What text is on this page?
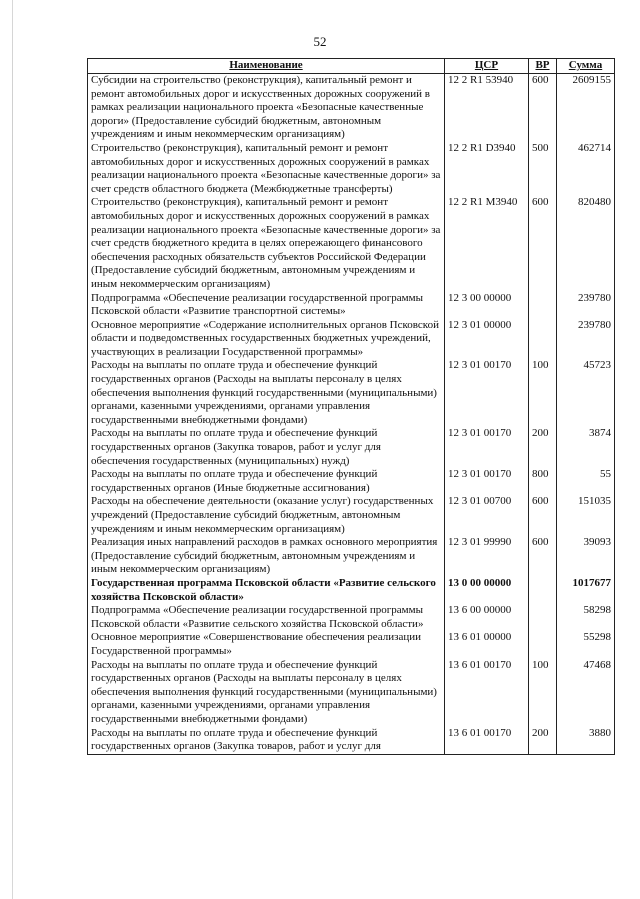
52
Наименование	ЦСР	ВР	Сумма
Субсидии на строительство (реконструкция), капитальный ремонт и ремонт автомобильных дорог и искусственных дорожных сооружений в рамках реализации национального проекта «Безопасные качественные дороги» (Предоставление субсидий бюджетным, автономным учреждениям и иным некоммерческим организациям)	12 2 R1 53940	600	2609155
Строительство (реконструкция), капитальный ремонт и ремонт автомобильных дорог и искусственных дорожных сооружений в рамках реализации национального проекта «Безопасные качественные дороги» за счет средств областного бюджета (Межбюджетные трансферты)	12 2 R1 D3940	500	462714
Строительство (реконструкция), капитальный ремонт и ремонт автомобильных дорог и искусственных дорожных сооружений в рамках реализации национального проекта «Безопасные качественные дороги» за счет средств бюджетного кредита в целях опережающего финансового обеспечения расходных обязательств субъектов Российской Федерации (Предоставление субсидий бюджетным, автономным учреждениям и иным некоммерческим организациям)	12 2 R1 M3940	600	820480
Подпрограмма «Обеспечение реализации государственной программы Псковской области «Развитие транспортной системы»	12 3 00 00000		239780
Основное мероприятие «Содержание исполнительных органов Псковской области и подведомственных государственных бюджетных учреждений, участвующих в реализации Государственной программы»	12 3 01 00000		239780
Расходы на выплаты по оплате труда и обеспечение функций государственных органов (Расходы на выплаты персоналу в целях обеспечения выполнения функций государственными (муниципальными) органами, казенными учреждениями, органами управления государственными внебюджетными фондами)	12 3 01 00170	100	45723
Расходы на выплаты по оплате труда и обеспечение функций государственных органов (Закупка товаров, работ и услуг для обеспечения государственных (муниципальных) нужд)	12 3 01 00170	200	3874
Расходы на выплаты по оплате труда и обеспечение функций государственных органов (Иные бюджетные ассигнования)	12 3 01 00170	800	55
Расходы на обеспечение деятельности (оказание услуг) государственных учреждений (Предоставление субсидий бюджетным, автономным учреждениям и иным некоммерческим организациям)	12 3 01 00700	600	151035
Реализация иных направлений расходов в рамках основного мероприятия (Предоставление субсидий бюджетным, автономным учреждениям и иным некоммерческим организациям)	12 3 01 99990	600	39093
Государственная программа Псковской области «Развитие сельского хозяйства Псковской области»	13 0 00 00000		1017677
Подпрограмма «Обеспечение реализации государственной программы Псковской области «Развитие сельского хозяйства Псковской области»	13 6 00 00000		58298
Основное мероприятие «Совершенствование обеспечения реализации Государственной программы»	13 6 01 00000		55298
Расходы на выплаты по оплате труда и обеспечение функций государственных органов (Расходы на выплаты персоналу в целях обеспечения выполнения функций государственными (муниципальными) органами, казенными учреждениями, органами управления государственными внебюджетными фондами)	13 6 01 00170	100	47468
Расходы на выплаты по оплате труда и обеспечение функций государственных органов (Закупка товаров, работ и услуг для	13 6 01 00170	200	3880
